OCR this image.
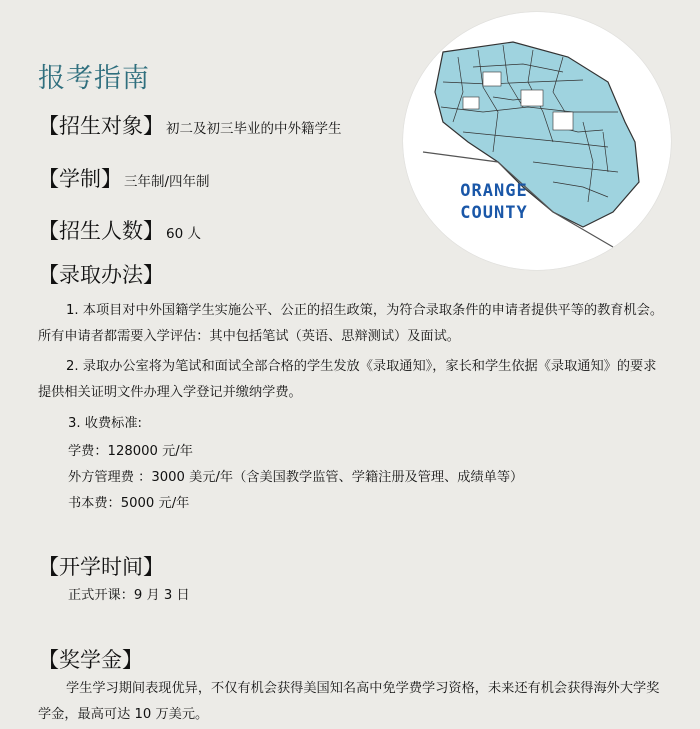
报考指南
ORANGE
COUNTY
【招生对象】 初二及初三毕业的中外籍学生
【学制】 三年制/四年制
【招生人数】 60 人
【录取办法】
1. 本项目对中外国籍学生实施公平、公正的招生政策，为符合录取条件的申请者提供平等的教育机会。所有申请者都需要入学评估：其中包括笔试（英语、思辩测试）及面试。
2. 录取办公室将为笔试和面试全部合格的学生发放《录取通知》，家长和学生依据《录取通知》的要求提供相关证明文件办理入学登记并缴纳学费。
3. 收费标准:
学费：128000 元/年
外方管理费 ：3000 美元/年（含美国教学监管、学籍注册及管理、成绩单等）
书本费：5000 元/年
【开学时间】
正式开课：9 月 3 日
【奖学金】
学生学习期间表现优异，不仅有机会获得美国知名高中免学费学习资格，未来还有机会获得海外大学奖学金，最高可达 10 万美元。
